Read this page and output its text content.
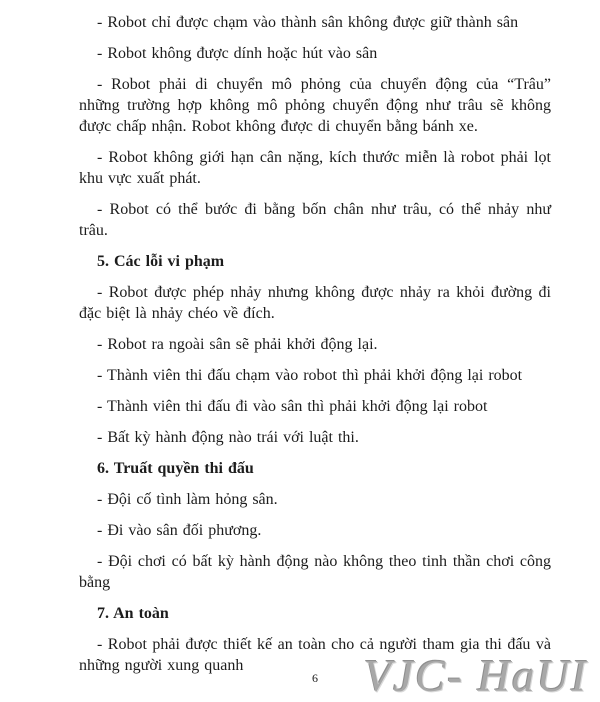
- Robot chỉ được chạm vào thành sân không được giữ thành sân

- Robot không được dính hoặc hút vào sân

- Robot phải di chuyển mô phỏng của chuyển động của “Trâu” những trường hợp không mô phỏng chuyển động như trâu sẽ không được chấp nhận. Robot không được di chuyển bằng bánh xe.

- Robot không giới hạn cân nặng, kích thước miễn là robot phải lọt khu vực xuất phát.

- Robot có thể bước đi bằng bốn chân như trâu, có thể nhảy như trâu.

5. Các lỗi vi phạm

- Robot được phép nhảy nhưng không được nhảy ra khỏi đường đi đặc biệt là nhảy chéo về đích.

- Robot ra ngoài sân sẽ phải khởi động lại.

- Thành viên thi đấu chạm vào robot thì phải khởi động lại robot

- Thành viên thi đấu đi vào sân thì phải khởi động lại robot

- Bất kỳ hành động nào trái với luật thi.

6. Truất quyền thi đấu

- Đội cố tình làm hỏng sân.

- Đi vào sân đối phương.

- Đội chơi có bất kỳ hành động nào không theo tinh thần chơi công bằng

7. An toàn

- Robot phải được thiết kế an toàn cho cả người tham gia thi đấu và những người xung quanh

6	VJC- HaUI
